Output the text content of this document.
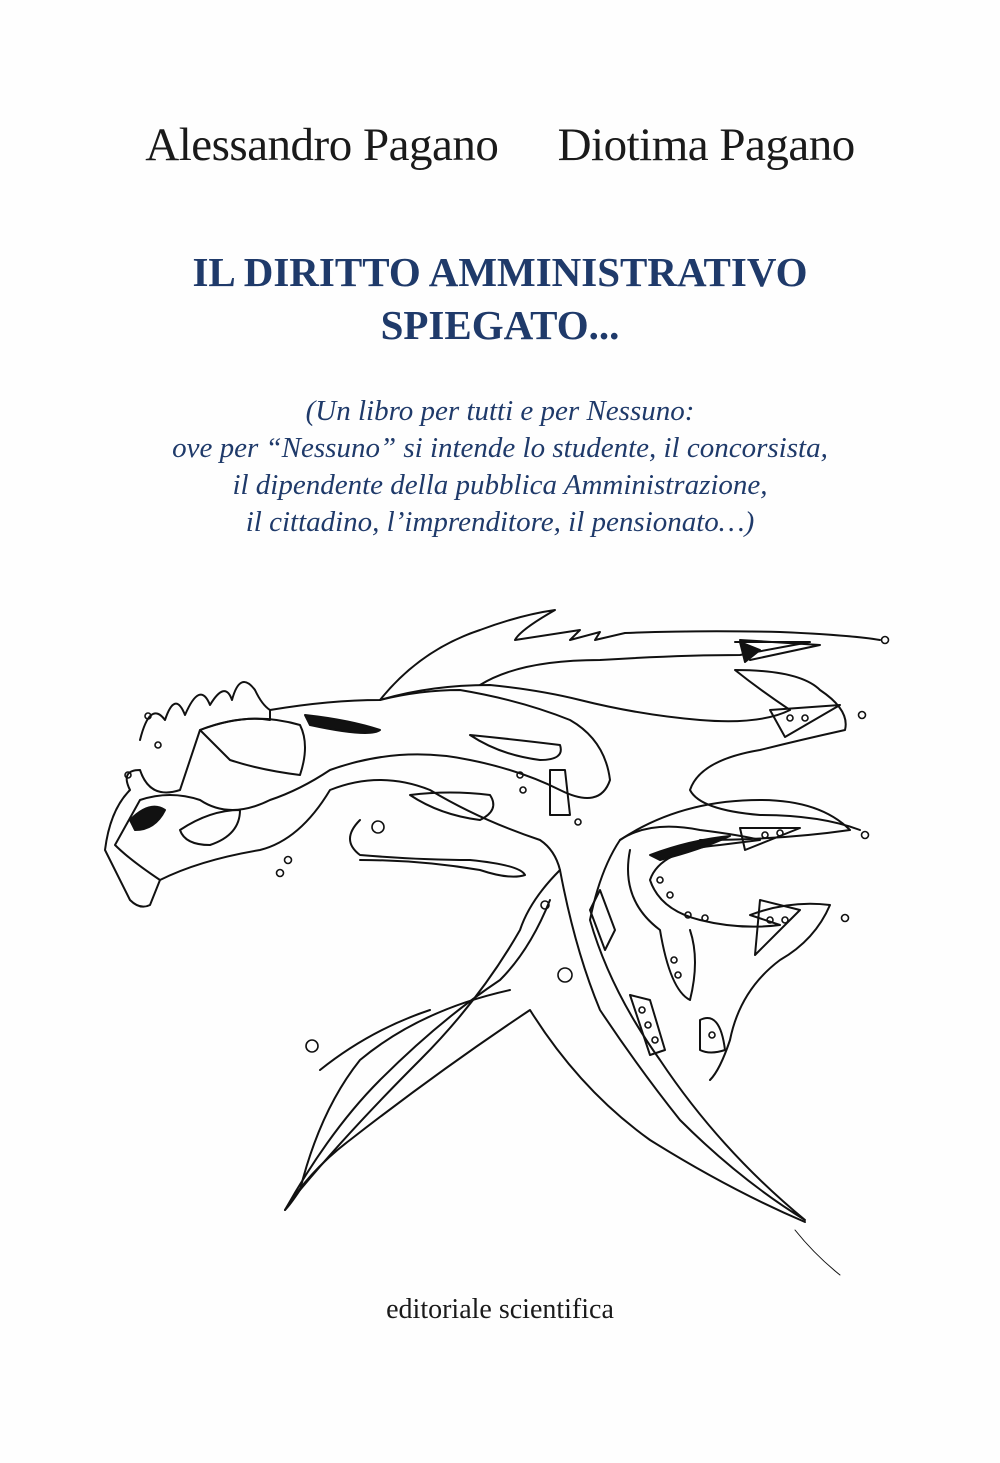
Alessandro Pagano Diotima Pagano
IL DIRITTO AMMINISTRATIVO
SPIEGATO...
(Un libro per tutti e per Nessuno:
ove per “Nessuno” si intende lo studente, il concorsista,
il dipendente della pubblica Amministrazione,
il cittadino, l’imprenditore, il pensionato…)
editoriale scientifica
